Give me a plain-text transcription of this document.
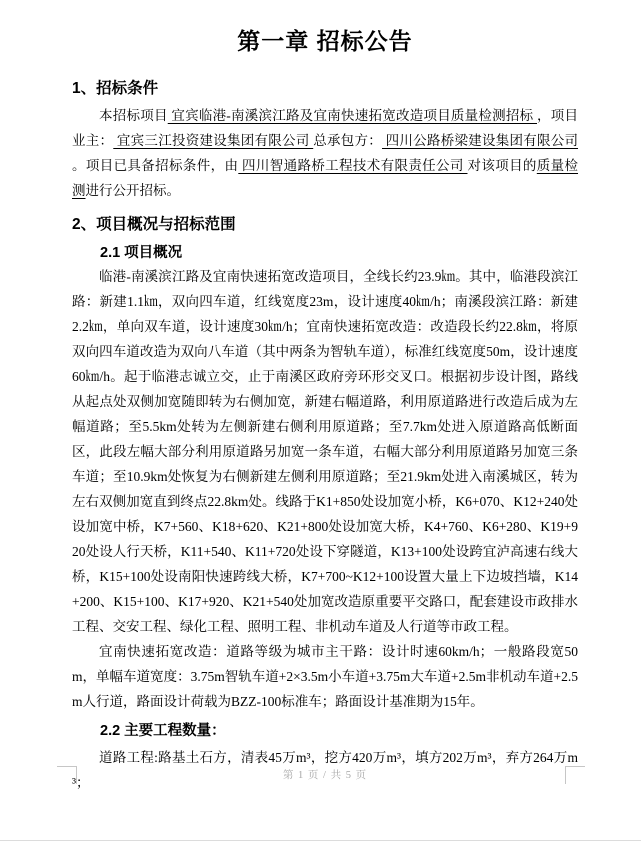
第一章 招标公告
1、招标条件

本招标项目 宜宾临港-南溪滨江路及宜南快速拓宽改造项目质量检测招标 ，项目业主： 宜宾三江投资建设集团有限公司 总承包方： 四川公路桥梁建设集团有限公司 。项目已具备招标条件，由 四川智通路桥工程技术有限责任公司 对该项目的质量检测进行公开招标。

2、项目概况与招标范围
2.1 项目概况

临港-南溪滨江路及宜南快速拓宽改造项目，全线长约23.9㎞。其中，临港段滨江路：新建1.1㎞，双向四车道，红线宽度23m，设计速度40㎞/h；南溪段滨江路：新建2.2㎞，单向双车道，设计速度30㎞/h；宜南快速拓宽改造：改造段长约22.8㎞，将原双向四车道改造为双向八车道（其中两条为智轨车道），标准红线宽度50m，设计速度60㎞/h。起于临港志诚立交，止于南溪区政府旁环形交叉口。根据初步设计图，路线从起点处双侧加宽随即转为右侧加宽，新建右幅道路，利用原道路进行改造后成为左幅道路；至5.5km处转为左侧新建右侧利用原道路；至7.7km处进入原道路高低断面区，此段左幅大部分利用原道路另加宽一条车道，右幅大部分利用原道路另加宽三条车道；至10.9km处恢复为右侧新建左侧利用原道路；至21.9km处进入南溪城区，转为左右双侧加宽直到终点22.8km处。线路于K1+850处设加宽小桥，K6+070、K12+240处设加宽中桥，K7+560、K18+620、K21+800处设加宽大桥，K4+760、K6+280、K19+920处设人行天桥，K11+540、K11+720处设下穿隧道，K13+100处设跨宜泸高速右线大桥，K15+100处设南阳快速跨线大桥，K7+700~K12+100设置大量上下边坡挡墙，K14+200、K15+100、K17+920、K21+540处加宽改造原重要平交路口，配套建设市政排水工程、交安工程、绿化工程、照明工程、非机动车道及人行道等市政工程。

宜南快速拓宽改造：道路等级为城市主干路：设计时速60km/h；一般路段宽50m，单幅车道宽度：3.75m智轨车道+2×3.5m小车道+3.75m大车道+2.5m非机动车道+2.5m人行道，路面设计荷载为BZZ-100标准车；路面设计基准期为15年。

2.2 主要工程数量：

道路工程:路基土石方，清表45万m³，挖方420万m³，填方202万m³，弃方264万m³；	第 1 页 / 共 5 页
